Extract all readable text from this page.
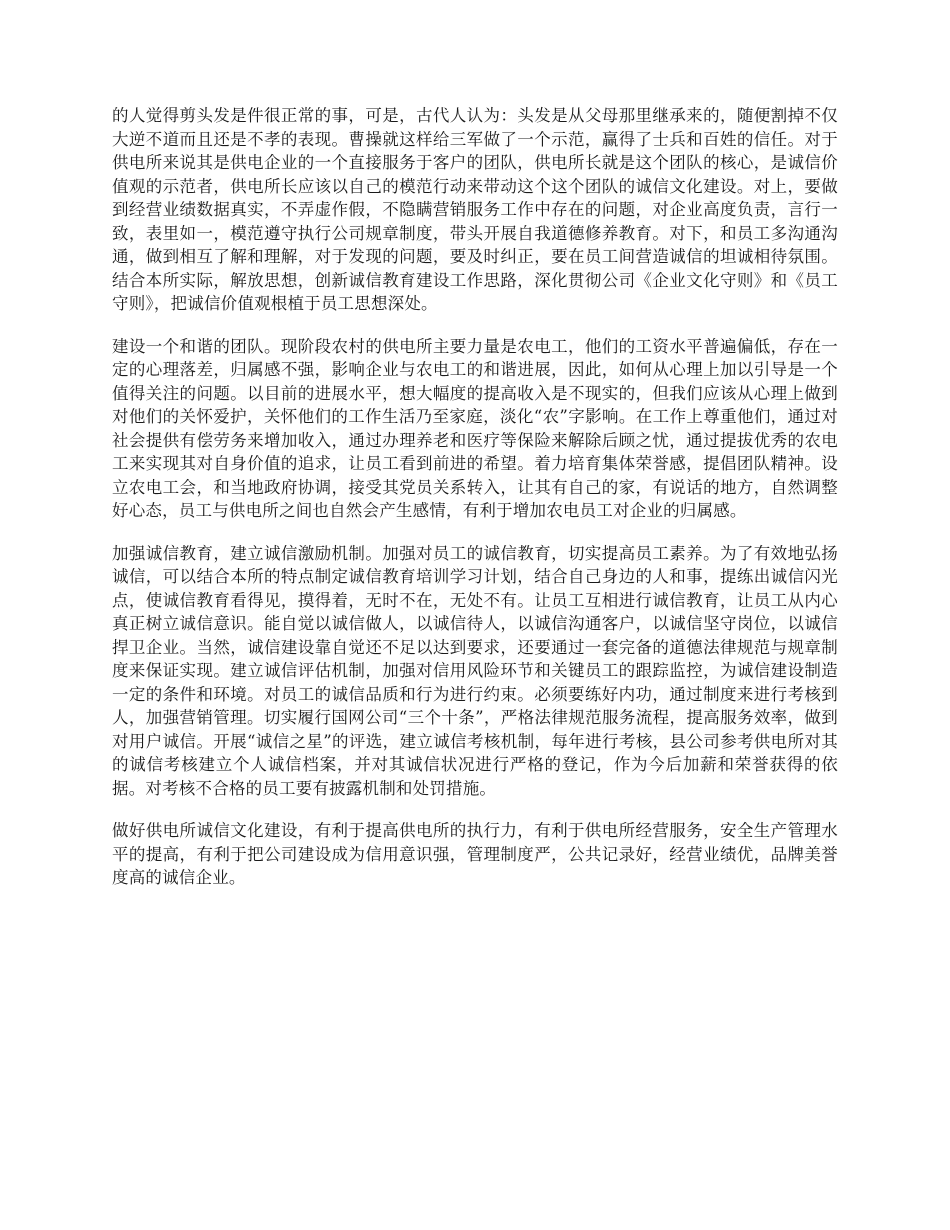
的人觉得剪头发是件很正常的事，可是，古代人认为：头发是从父母那里继承来的，随便割掉不仅大逆不道而且还是不孝的表现。曹操就这样给三军做了一个示范，赢得了士兵和百姓的信任。对于供电所来说其是供电企业的一个直接服务于客户的团队，供电所长就是这个团队的核心，是诚信价值观的示范者，供电所长应该以自己的模范行动来带动这个这个团队的诚信文化建设。对上，要做到经营业绩数据真实，不弄虚作假，不隐瞒营销服务工作中存在的问题，对企业高度负责，言行一致，表里如一，模范遵守执行公司规章制度，带头开展自我道德修养教育。对下，和员工多沟通沟通，做到相互了解和理解，对于发现的问题，要及时纠正，要在员工间营造诚信的坦诚相待氛围。结合本所实际，解放思想，创新诚信教育建设工作思路，深化贯彻公司《企业文化守则》和《员工守则》，把诚信价值观根植于员工思想深处。

建设一个和谐的团队。现阶段农村的供电所主要力量是农电工，他们的工资水平普遍偏低，存在一定的心理落差，归属感不强，影响企业与农电工的和谐进展，因此，如何从心理上加以引导是一个值得关注的问题。以目前的进展水平，想大幅度的提高收入是不现实的，但我们应该从心理上做到对他们的关怀爱护，关怀他们的工作生活乃至家庭，淡化“农”字影响。在工作上尊重他们，通过对社会提供有偿劳务来增加收入，通过办理养老和医疗等保险来解除后顾之忧，通过提拔优秀的农电工来实现其对自身价值的追求，让员工看到前进的希望。着力培育集体荣誉感，提倡团队精神。设立农电工会，和当地政府协调，接受其党员关系转入，让其有自己的家，有说话的地方，自然调整好心态，员工与供电所之间也自然会产生感情，有利于增加农电员工对企业的归属感。

加强诚信教育，建立诚信激励机制。加强对员工的诚信教育，切实提高员工素养。为了有效地弘扬诚信，可以结合本所的特点制定诚信教育培训学习计划，结合自己身边的人和事，提练出诚信闪光点，使诚信教育看得见，摸得着，无时不在，无处不有。让员工互相进行诚信教育，让员工从内心真正树立诚信意识。能自觉以诚信做人，以诚信待人，以诚信沟通客户，以诚信坚守岗位，以诚信捍卫企业。当然，诚信建设靠自觉还不足以达到要求，还要通过一套完备的道德法律规范与规章制度来保证实现。建立诚信评估机制，加强对信用风险环节和关键员工的跟踪监控，为诚信建设制造一定的条件和环境。对员工的诚信品质和行为进行约束。必须要练好内功，通过制度来进行考核到人，加强营销管理。切实履行国网公司“三个十条”，严格法律规范服务流程，提高服务效率，做到对用户诚信。开展“诚信之星”的评选，建立诚信考核机制，每年进行考核，县公司参考供电所对其的诚信考核建立个人诚信档案，并对其诚信状况进行严格的登记，作为今后加薪和荣誉获得的依据。对考核不合格的员工要有披露机制和处罚措施。

做好供电所诚信文化建设，有利于提高供电所的执行力，有利于供电所经营服务，安全生产管理水平的提高，有利于把公司建设成为信用意识强，管理制度严，公共记录好，经营业绩优，品牌美誉度高的诚信企业。
